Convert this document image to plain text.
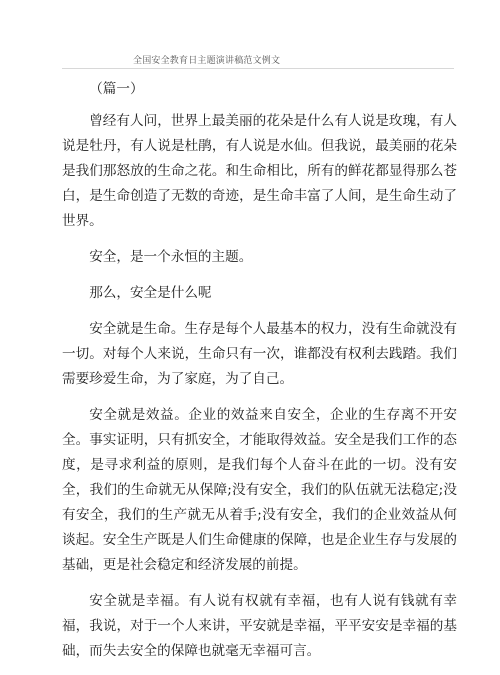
全国安全教育日主题演讲稿范文例文

（篇一）

曾经有人问，世界上最美丽的花朵是什么有人说是玫瑰，有人说是牡丹，有人说是杜鹃，有人说是水仙。但我说，最美丽的花朵是我们那怒放的生命之花。和生命相比，所有的鲜花都显得那么苍白，是生命创造了无数的奇迹，是生命丰富了人间，是生命生动了世界。

安全，是一个永恒的主题。

那么，安全是什么呢

安全就是生命。生存是每个人最基本的权力，没有生命就没有一切。对每个人来说，生命只有一次，谁都没有权利去践踏。我们需要珍爱生命，为了家庭，为了自己。

安全就是效益。企业的效益来自安全，企业的生存离不开安全。事实证明，只有抓安全，才能取得效益。安全是我们工作的态度，是寻求利益的原则，是我们每个人奋斗在此的一切。没有安全，我们的生命就无从保障;没有安全，我们的队伍就无法稳定;没有安全，我们的生产就无从着手;没有安全，我们的企业效益从何谈起。安全生产既是人们生命健康的保障，也是企业生存与发展的基础，更是社会稳定和经济发展的前提。

安全就是幸福。有人说有权就有幸福，也有人说有钱就有幸福，我说，对于一个人来讲，平安就是幸福，平平安安是幸福的基础，而失去安全的保障也就毫无幸福可言。
